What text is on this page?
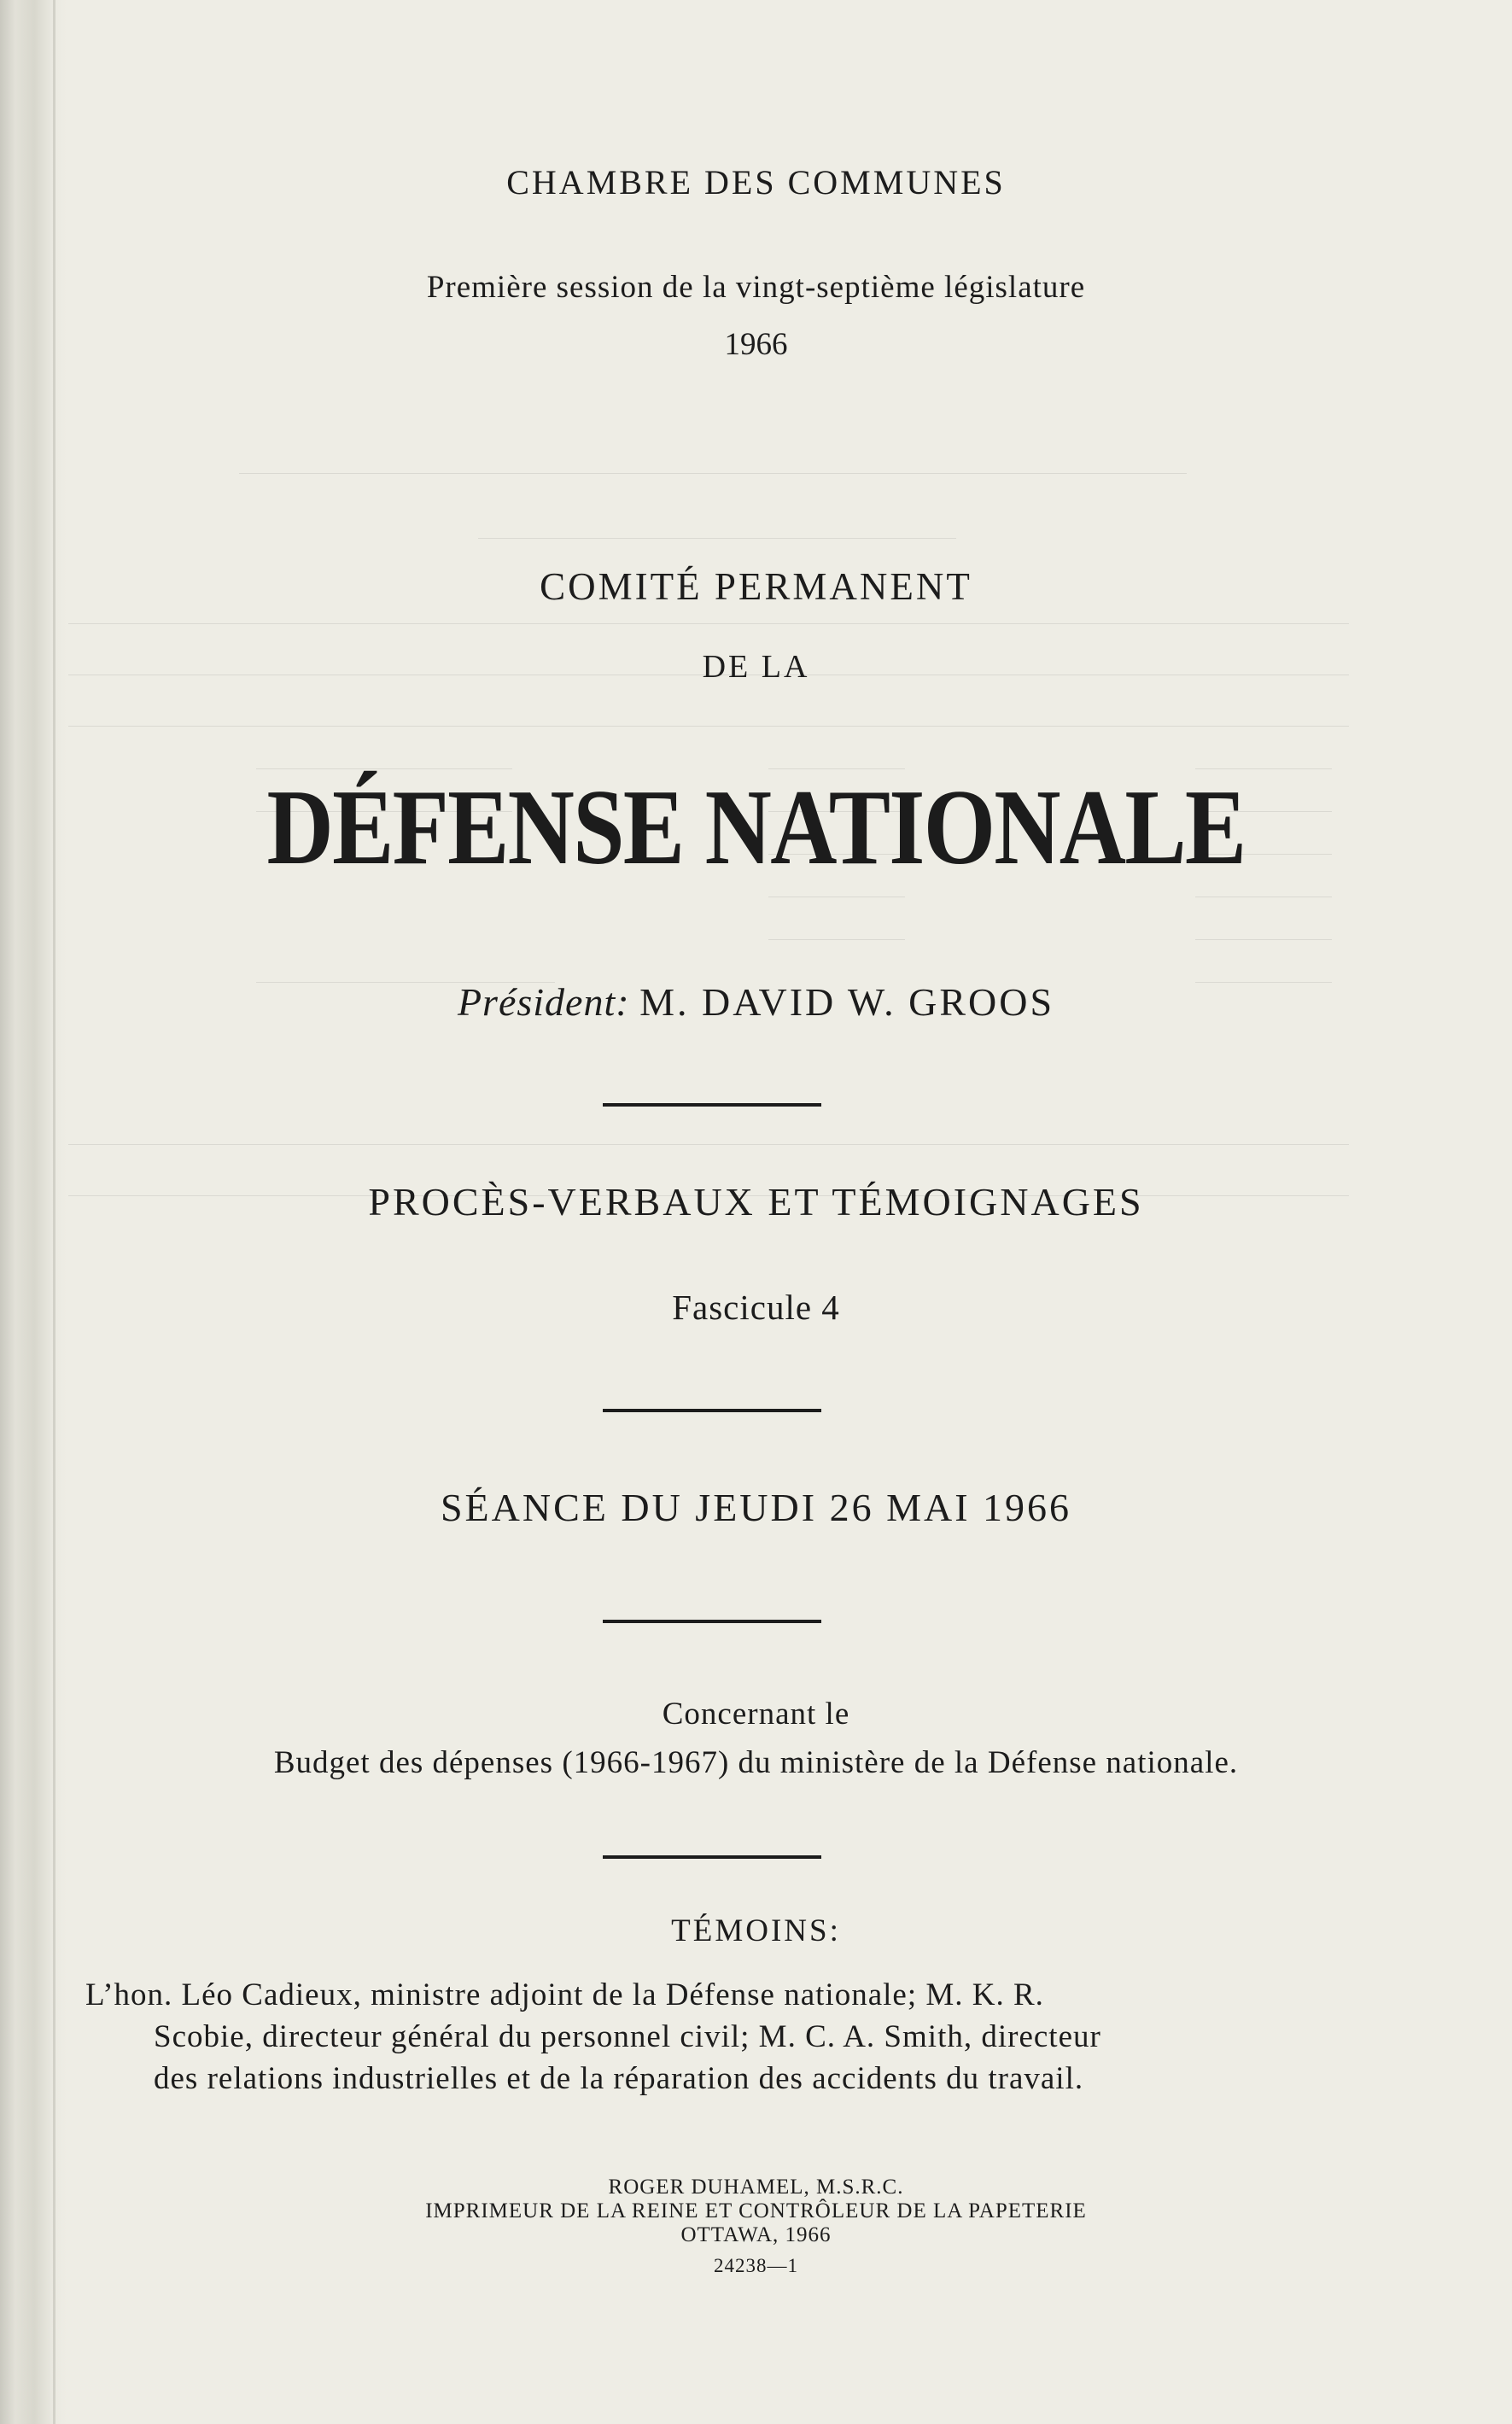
CHAMBRE DES COMMUNES
Première session de la vingt-septième législature
1966
COMITÉ PERMANENT
DE LA
DÉFENSE NATIONALE
Président: M. DAVID W. GROOS
PROCÈS-VERBAUX ET TÉMOIGNAGES
Fascicule 4
SÉANCE DU JEUDI 26 MAI 1966
Concernant le
Budget des dépenses (1966-1967) du ministère de la Défense nationale.
TÉMOINS:
L’hon. Léo Cadieux, ministre adjoint de la Défense nationale; M. K. R.
Scobie, directeur général du personnel civil; M. C. A. Smith, directeur
des relations industrielles et de la réparation des accidents du travail.
ROGER DUHAMEL, M.S.R.C.
IMPRIMEUR DE LA REINE ET CONTRÔLEUR DE LA PAPETERIE
OTTAWA, 1966
24238—1
